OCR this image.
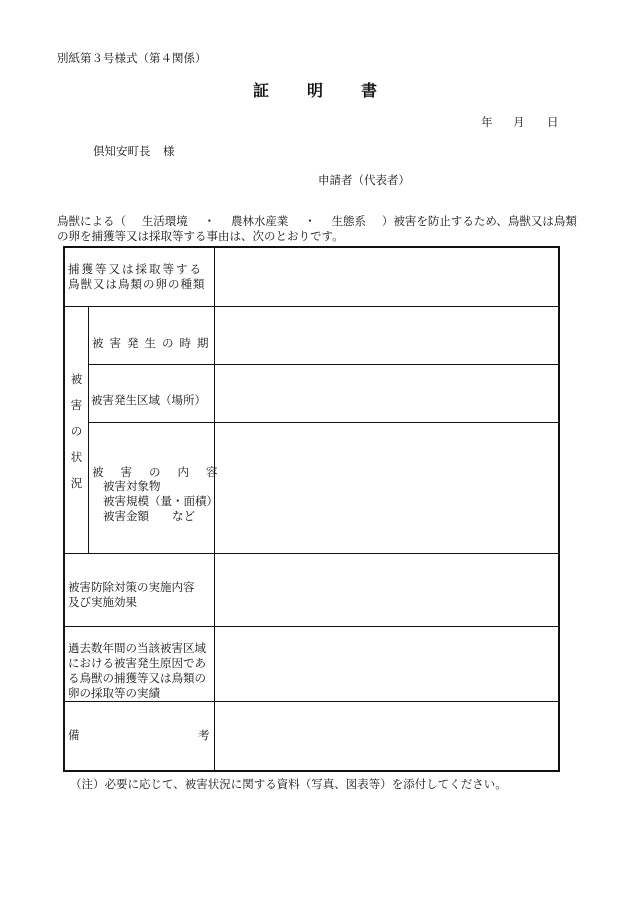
別紙第３号様式（第４関係）
証明書
年 月 日
倶知安町長 様
申請者（代表者）
鳥獣による（ 生活環境 ・ 農林水産業 ・ 生態系 ）被害を防止するため、鳥獣又は鳥類
の卵を捕獲等又は採取等する事由は、次のとおりです。
捕獲等又は採取等する
鳥獣又は鳥類の卵の種類
被
害
の
状
況
被害発生の時期
被害発生区域（場所）
被害の内容
被害対象物
被害規模（量・面積）
被害金額　　など
被害防除対策の実施内容
及び実施効果
過去数年間の当該被害区域
における被害発生原因であ
る鳥獣の捕獲等又は鳥類の
卵の採取等の実績
備	考
（注）必要に応じて、被害状況に関する資料（写真、図表等）を添付してください。
